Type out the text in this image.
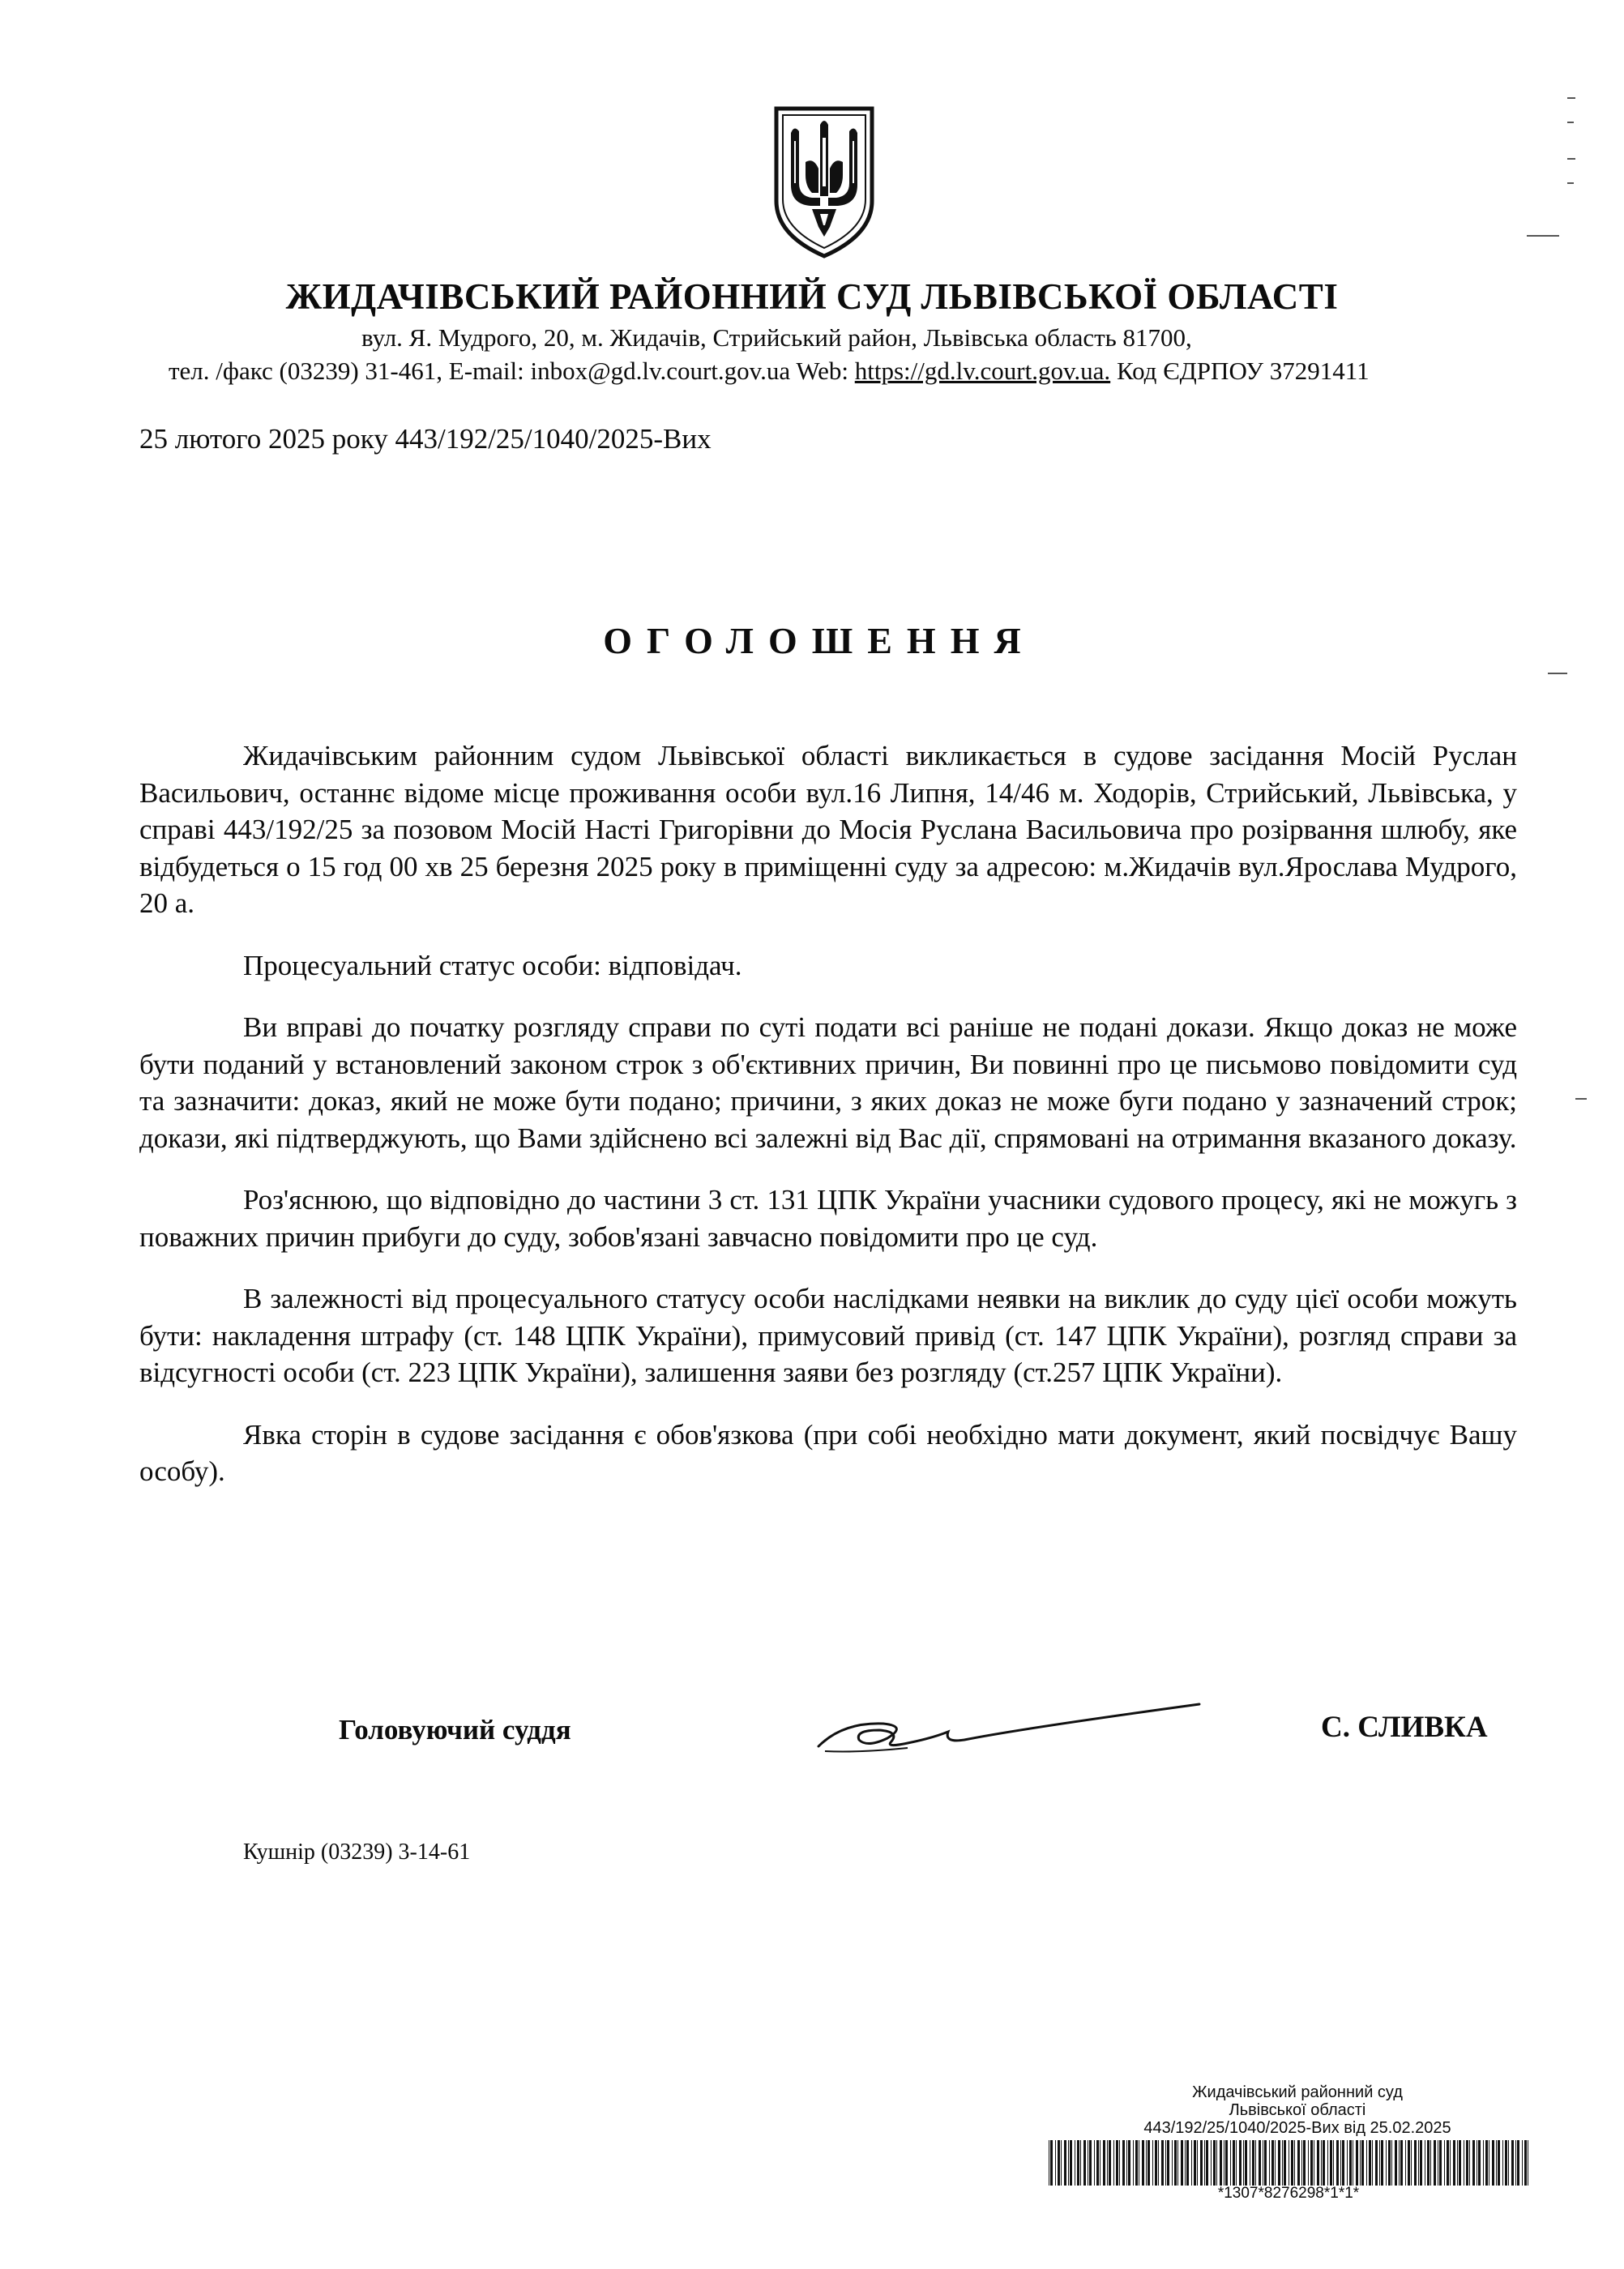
ЖИДАЧІВСЬКИЙ РАЙОННИЙ СУД ЛЬВІВСЬКОЇ ОБЛАСТІ
вул. Я. Мудрого, 20, м. Жидачів, Стрийський район, Львівська область 81700,
тел. /факс (03239) 31-461, E-mail: inbox@gd.lv.court.gov.ua Web: https://gd.lv.court.gov.ua. Код ЄДРПОУ 37291411
25 лютого 2025 року 443/192/25/1040/2025-Вих
ОГОЛОШЕННЯ

Жидачівським районним судом Львівської області викликається в судове засідання Мосій Руслан Васильович, останнє відоме місце проживання особи вул.16 Липня, 14/46 м. Ходорів, Стрийський, Львівська, у справі 443/192/25 за позовом Мосій Насті Григорівни до Мосія Руслана Васильовича про розірвання шлюбу, яке відбудеться о 15 год 00 хв 25 березня 2025 року в приміщенні суду за адресою: м.Жидачів вул.Ярослава Мудрого, 20 а.

Процесуальний статус особи: відповідач.

Ви вправі до початку розгляду справи по суті подати всі раніше не подані докази. Якщо доказ не може бути поданий у встановлений законом строк з об'єктивних причин, Ви повинні про це письмово повідомити суд та зазначити: доказ, який не може бути подано; причини, з яких доказ не може буги подано у зазначений строк; докази, які підтверджують, що Вами здійснено всі залежні від Вас дії, спрямовані на отримання вказаного доказу.

Роз'яснюю, що відповідно до частини 3 ст. 131 ЦПК України учасники судового процесу, які не можугь з поважних причин прибуги до суду, зобов'язані завчасно повідомити про це суд.

В залежності від процесуального статусу особи наслідками неявки на виклик до суду цієї особи можуть бути: накладення штрафу (ст. 148 ЦПК України), примусовий привід (ст. 147 ЦПК України), розгляд справи за відсугності особи (ст. 223 ЦПК України), залишення заяви без розгляду (ст.257 ЦПК України).

Явка сторін в судове засідання є обов'язкова (при собі необхідно мати документ, який посвідчує Вашу особу).

Головуючий суддя	С. СЛИВКА
Кушнір (03239) 3-14-61
Жидачівський районний суд
Львівської області
443/192/25/1040/2025-Вих від 25.02.2025
*1307*8276298*1*1*
